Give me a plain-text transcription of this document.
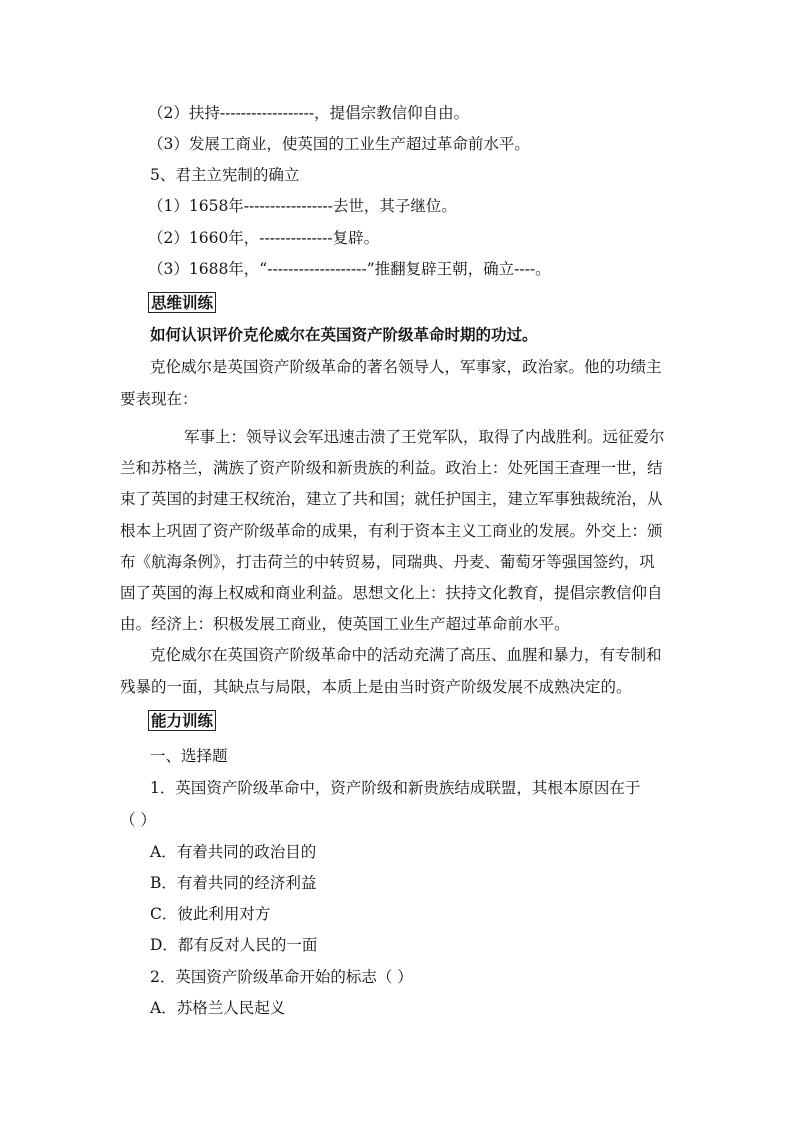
（2）扶持------------------，提倡宗教信仰自由。
（3）发展工商业，使英国的工业生产超过革命前水平。
5、君主立宪制的确立
（1）1658年-----------------去世，其子继位。
（2）1660年，--------------复辟。
（3）1688年，“-------------------”推翻复辟王朝，确立----。
思维训练
如何认识评价克伦威尔在英国资产阶级革命时期的功过。
克伦威尔是英国资产阶级革命的著名领导人，军事家，政治家。他的功绩主
要表现在：
军事上：领导议会军迅速击溃了王党军队，取得了内战胜利。远征爱尔
兰和苏格兰，满族了资产阶级和新贵族的利益。政治上：处死国王查理一世，结
束了英国的封建王权统治，建立了共和国；就任护国主，建立军事独裁统治，从
根本上巩固了资产阶级革命的成果，有利于资本主义工商业的发展。外交上：颁
布《航海条例》，打击荷兰的中转贸易，同瑞典、丹麦、葡萄牙等强国签约，巩
固了英国的海上权威和商业利益。思想文化上：扶持文化教育，提倡宗教信仰自
由。经济上：积极发展工商业，使英国工业生产超过革命前水平。
克伦威尔在英国资产阶级革命中的活动充满了高压、血腥和暴力，有专制和
残暴的一面，其缺点与局限，本质上是由当时资产阶级发展不成熟决定的。
能力训练
一、选择题
1．英国资产阶级革命中，资产阶级和新贵族结成联盟，其根本原因在于
（ ）
A．有着共同的政治目的
B．有着共同的经济利益
C．彼此利用对方
D．都有反对人民的一面
2．英国资产阶级革命开始的标志（ ）
A．苏格兰人民起义
